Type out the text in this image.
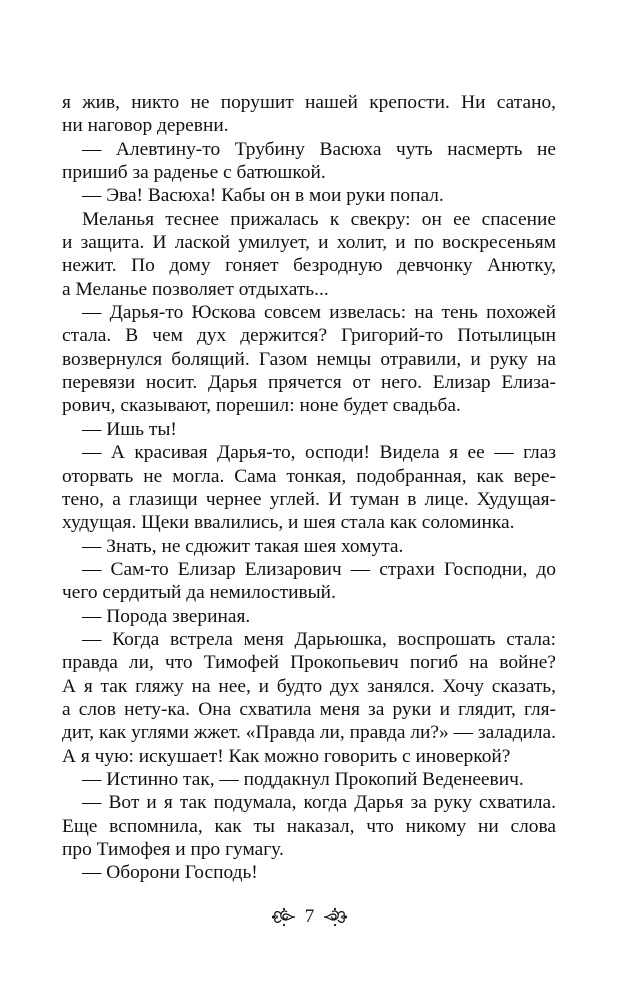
я жив, никто не порушит нашей крепости. Ни сатано,
ни наговор деревни.
— Алевтину-то Трубину Васюха чуть насмерть не
пришиб за раденье с батюшкой.
— Эва! Васюха! Кабы он в мои руки попал.
Меланья теснее прижалась к свекру: он ее спасение
и защита. И лаской умилует, и холит, и по воскресеньям
нежит. По дому гоняет безродную девчонку Анютку,
а Меланье позволяет отдыхать...
— Дарья-то Юскова совсем извелась: на тень похожей
стала. В чем дух держится? Григорий-то Потылицын
возвернулся болящий. Газом немцы отравили, и руку на
перевязи носит. Дарья прячется от него. Елизар Елиза-
рович, сказывают, порешил: ноне будет свадьба.
— Ишь ты!
— А красивая Дарья-то, осподи! Видела я ее — глаз
оторвать не могла. Сама тонкая, подобранная, как вере-
тено, а глазищи чернее углей. И туман в лице. Худущая-
худущая. Щеки ввалились, и шея стала как соломинка.
— Знать, не сдюжит такая шея хомута.
— Сам-то Елизар Елизарович — страхи Господни, до
чего сердитый да немилостивый.
— Порода звериная.
— Когда встрела меня Дарьюшка, воспрошать стала:
правда ли, что Тимофей Прокопьевич погиб на войне?
А я так гляжу на нее, и будто дух занялся. Хочу сказать,
а слов нету-ка. Она схватила меня за руки и глядит, гля-
дит, как углями жжет. «Правда ли, правда ли?» — заладила.
А я чую: искушает! Как можно говорить с иноверкой?
— Истинно так, — поддакнул Прокопий Веденеевич.
— Вот и я так подумала, когда Дарья за руку схватила.
Еще вспомнила, как ты наказал, что никому ни слова
про Тимофея и про гумагу.
— Оборони Господь!
7
